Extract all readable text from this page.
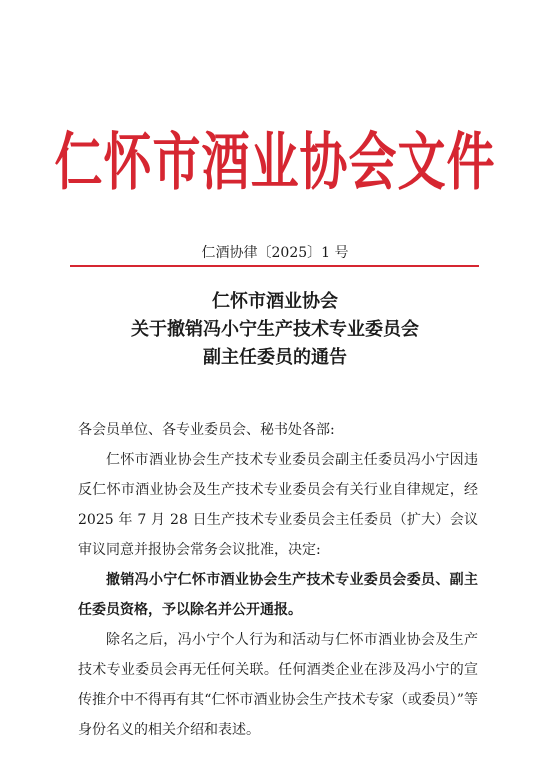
仁怀市酒业协会文件
仁酒协律〔2025〕1 号
仁怀市酒业协会
关于撤销冯小宁生产技术专业委员会
副主任委员的通告

各会员单位、各专业委员会、秘书处各部:

仁怀市酒业协会生产技术专业委员会副主任委员冯小宁因违反仁怀市酒业协会及生产技术专业委员会有关行业自律规定，经 2025 年 7 月 28 日生产技术专业委员会主任委员（扩大）会议审议同意并报协会常务会议批准，决定:

撤销冯小宁仁怀市酒业协会生产技术专业委员会委员、副主任委员资格，予以除名并公开通报。

除名之后，冯小宁个人行为和活动与仁怀市酒业协会及生产技术专业委员会再无任何关联。任何酒类企业在涉及冯小宁的宣传推介中不得再有其“仁怀市酒业协会生产技术专家（或委员）”等身份名义的相关介绍和表述。
